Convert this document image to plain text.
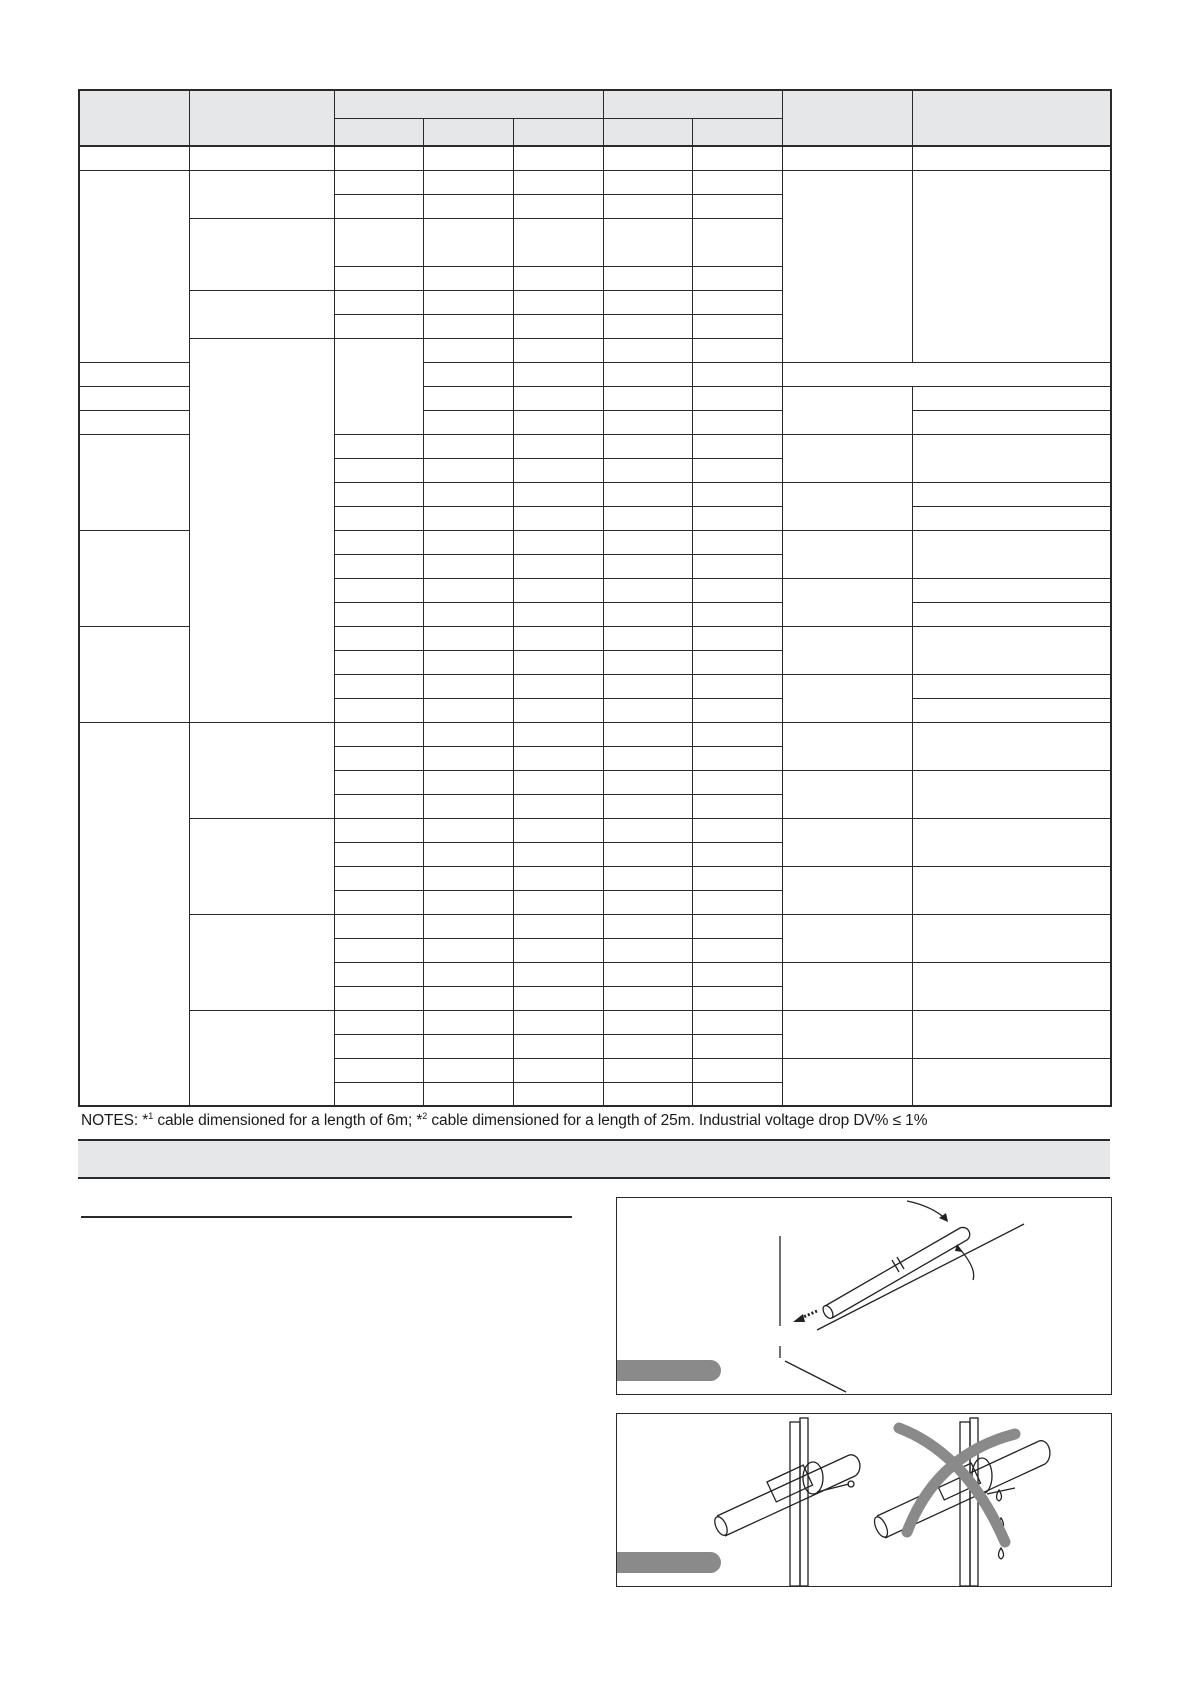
NOTES: *$^1$ cable dimensioned for a length of 6m; *$^2$ cable dimensioned for a length of 25m. Industrial voltage drop DV% ≤ 1%
